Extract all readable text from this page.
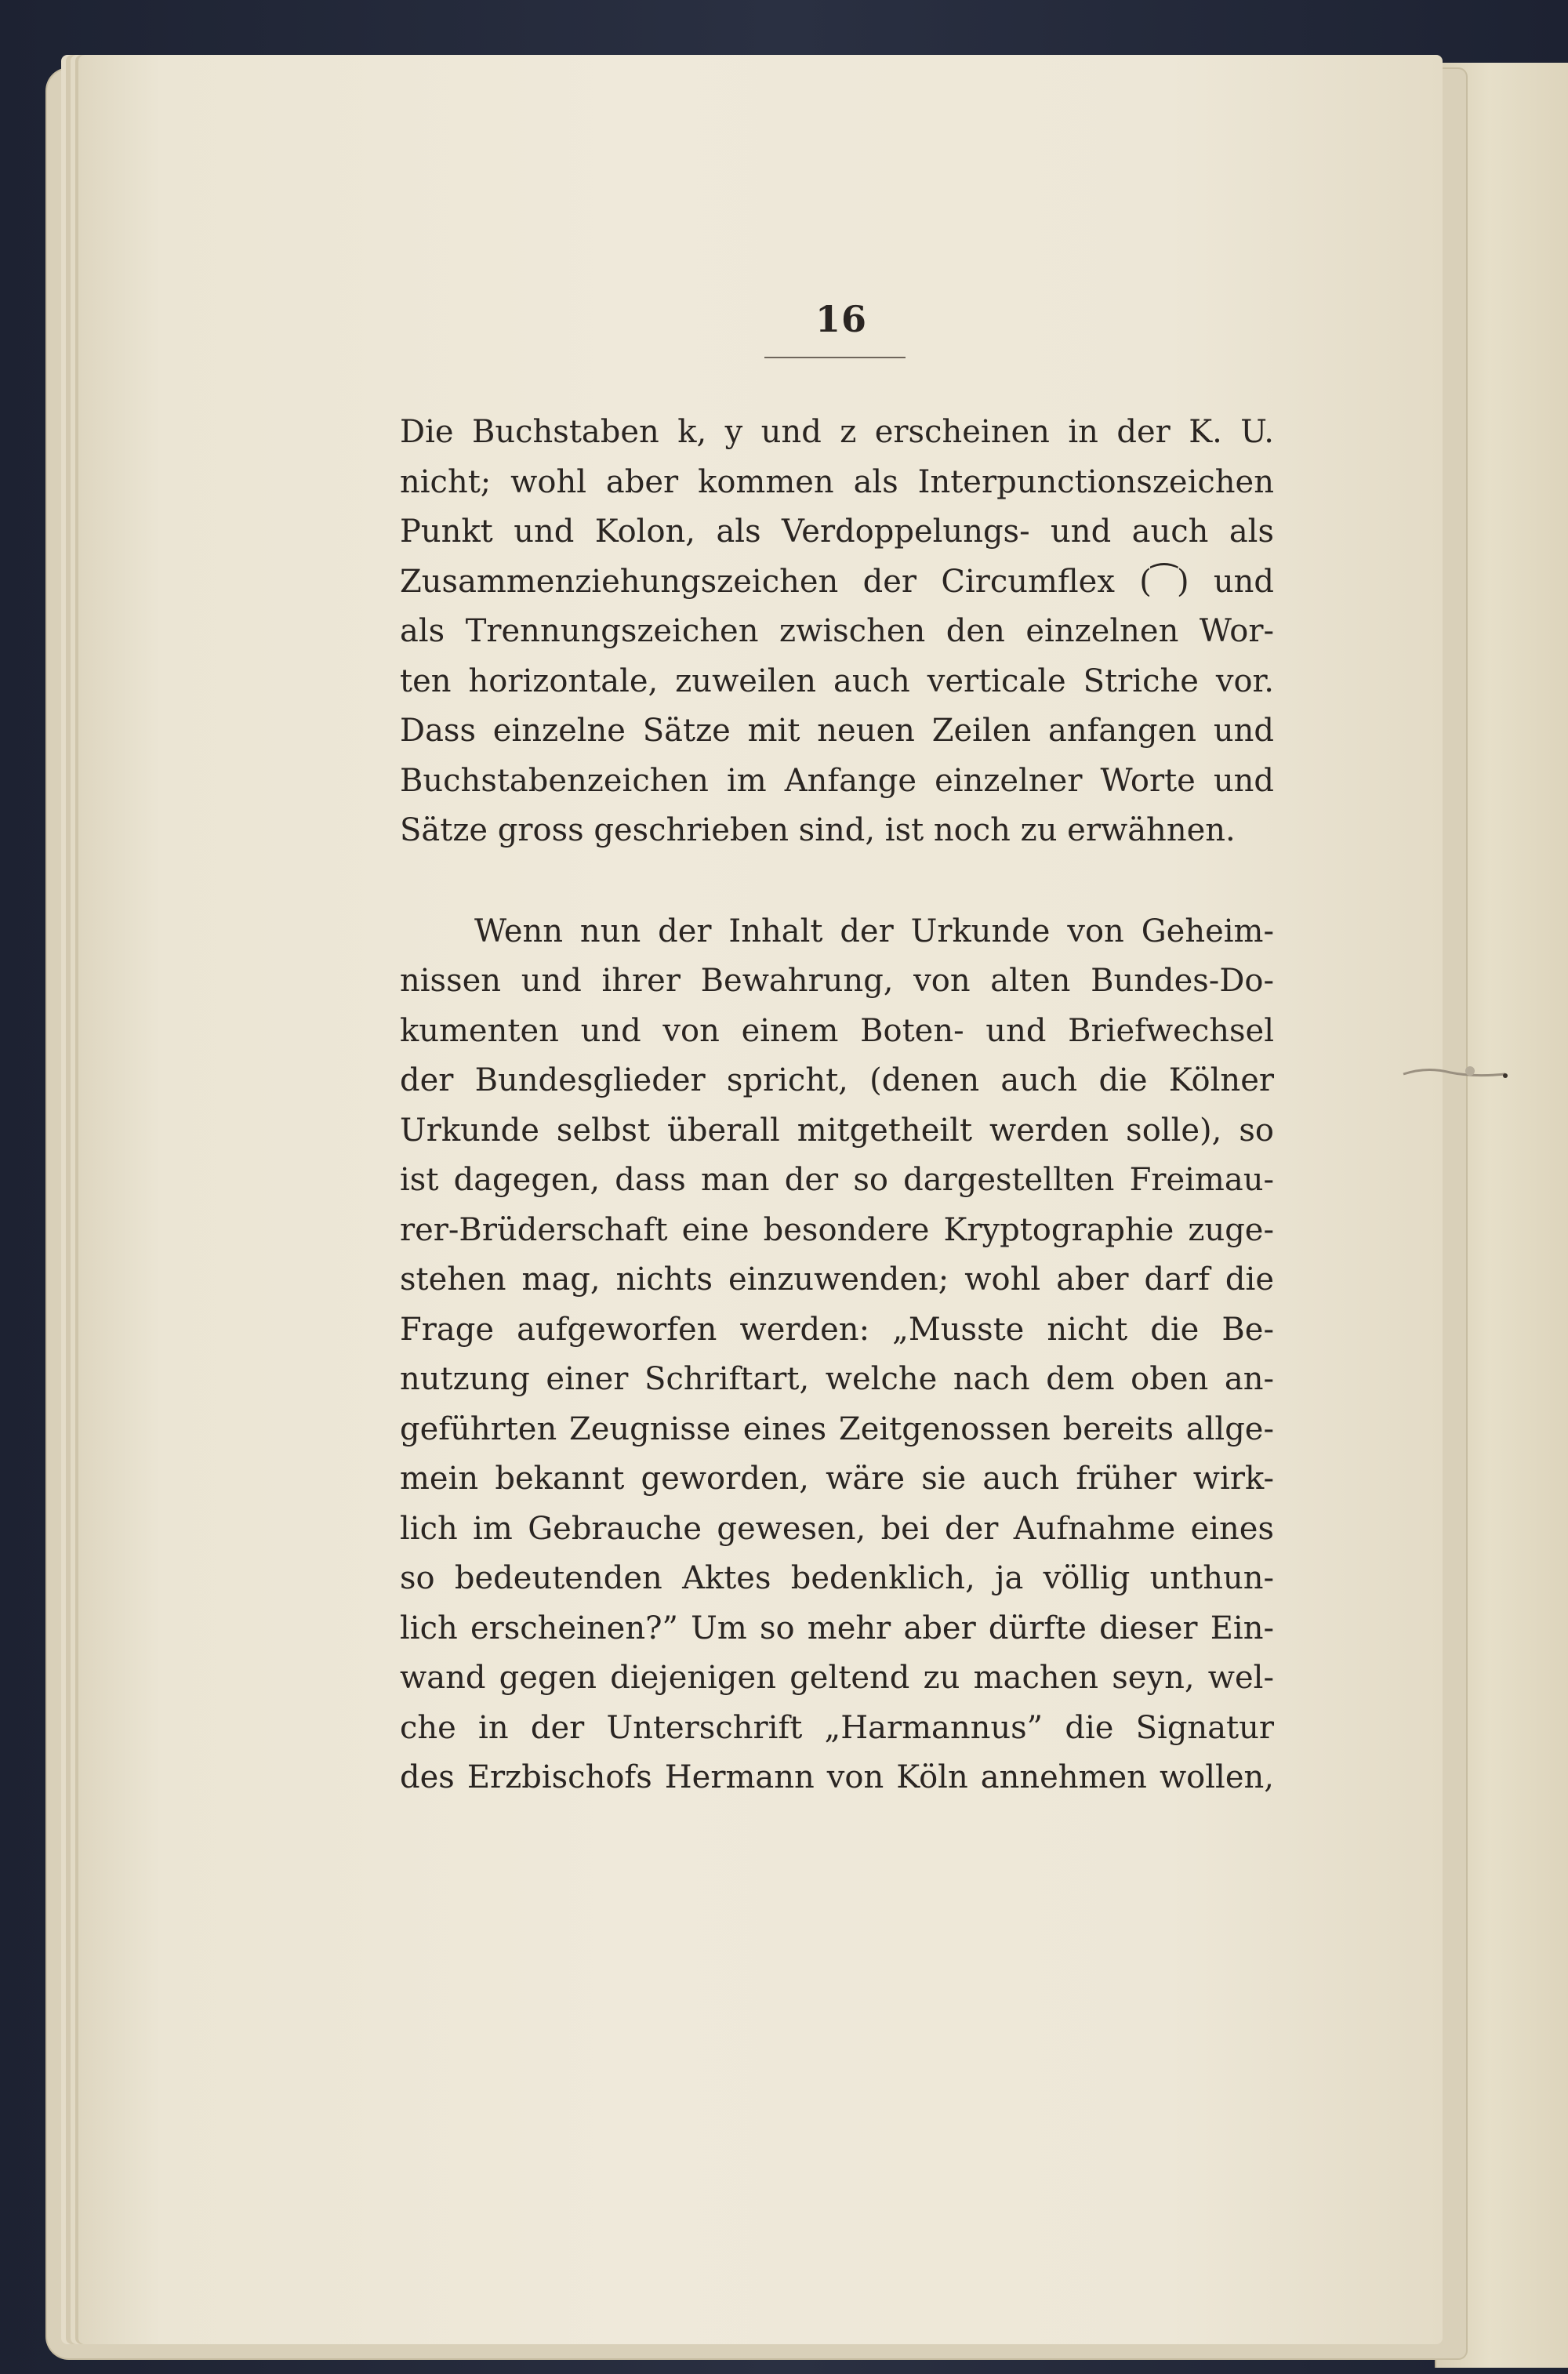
16
Die Buchstaben k, y und z erscheinen in der K. U.
nicht; wohl aber kommen als Interpunctionszeichen
Punkt und Kolon, als Verdoppelungs- und auch als
Zusammenziehungszeichen der Circumflex (⁀) und
als Trennungszeichen zwischen den einzelnen Wor-
ten horizontale, zuweilen auch verticale Striche vor.
Dass einzelne Sätze mit neuen Zeilen anfangen und
Buchstabenzeichen im Anfange einzelner Worte und
Sätze gross geschrieben sind, ist noch zu erwähnen.
Wenn nun der Inhalt der Urkunde von Geheim-
nissen und ihrer Bewahrung, von alten Bundes-Do-
kumenten und von einem Boten- und Briefwechsel
der Bundesglieder spricht, (denen auch die Kölner
Urkunde selbst überall mitgetheilt werden solle), so
ist dagegen, dass man der so dargestellten Freimau-
rer-Brüderschaft eine besondere Kryptographie zuge-
stehen mag, nichts einzuwenden; wohl aber darf die
Frage aufgeworfen werden: „Musste nicht die Be-
nutzung einer Schriftart, welche nach dem oben an-
geführten Zeugnisse eines Zeitgenossen bereits allge-
mein bekannt geworden, wäre sie auch früher wirk-
lich im Gebrauche gewesen, bei der Aufnahme eines
so bedeutenden Aktes bedenklich, ja völlig unthun-
lich erscheinen?” Um so mehr aber dürfte dieser Ein-
wand gegen diejenigen geltend zu machen seyn, wel-
che in der Unterschrift „Harmannus” die Signatur
des Erzbischofs Hermann von Köln annehmen wollen,
